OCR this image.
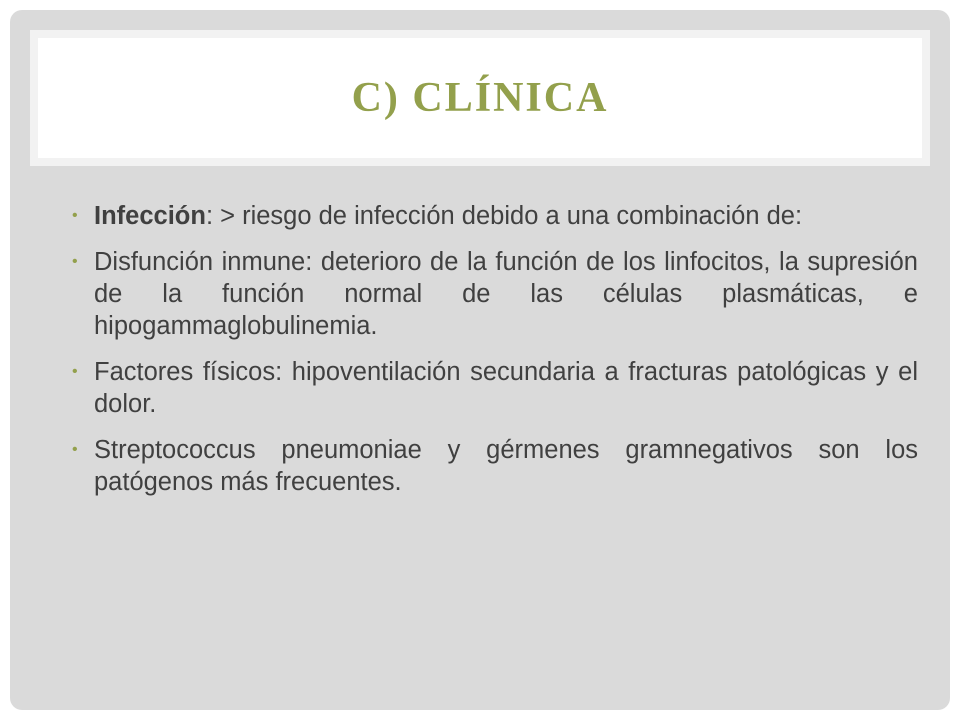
C) CLÍNICA
• Infección: > riesgo de infección debido a una combinación de:
• Disfunción inmune: deterioro de la función de los linfocitos, la supresión de la función normal de las células plasmáticas, e hipogammaglobulinemia.
• Factores físicos: hipoventilación secundaria a fracturas patológicas y el dolor.
• Streptococcus pneumoniae y gérmenes gramnegativos son los patógenos más frecuentes.
